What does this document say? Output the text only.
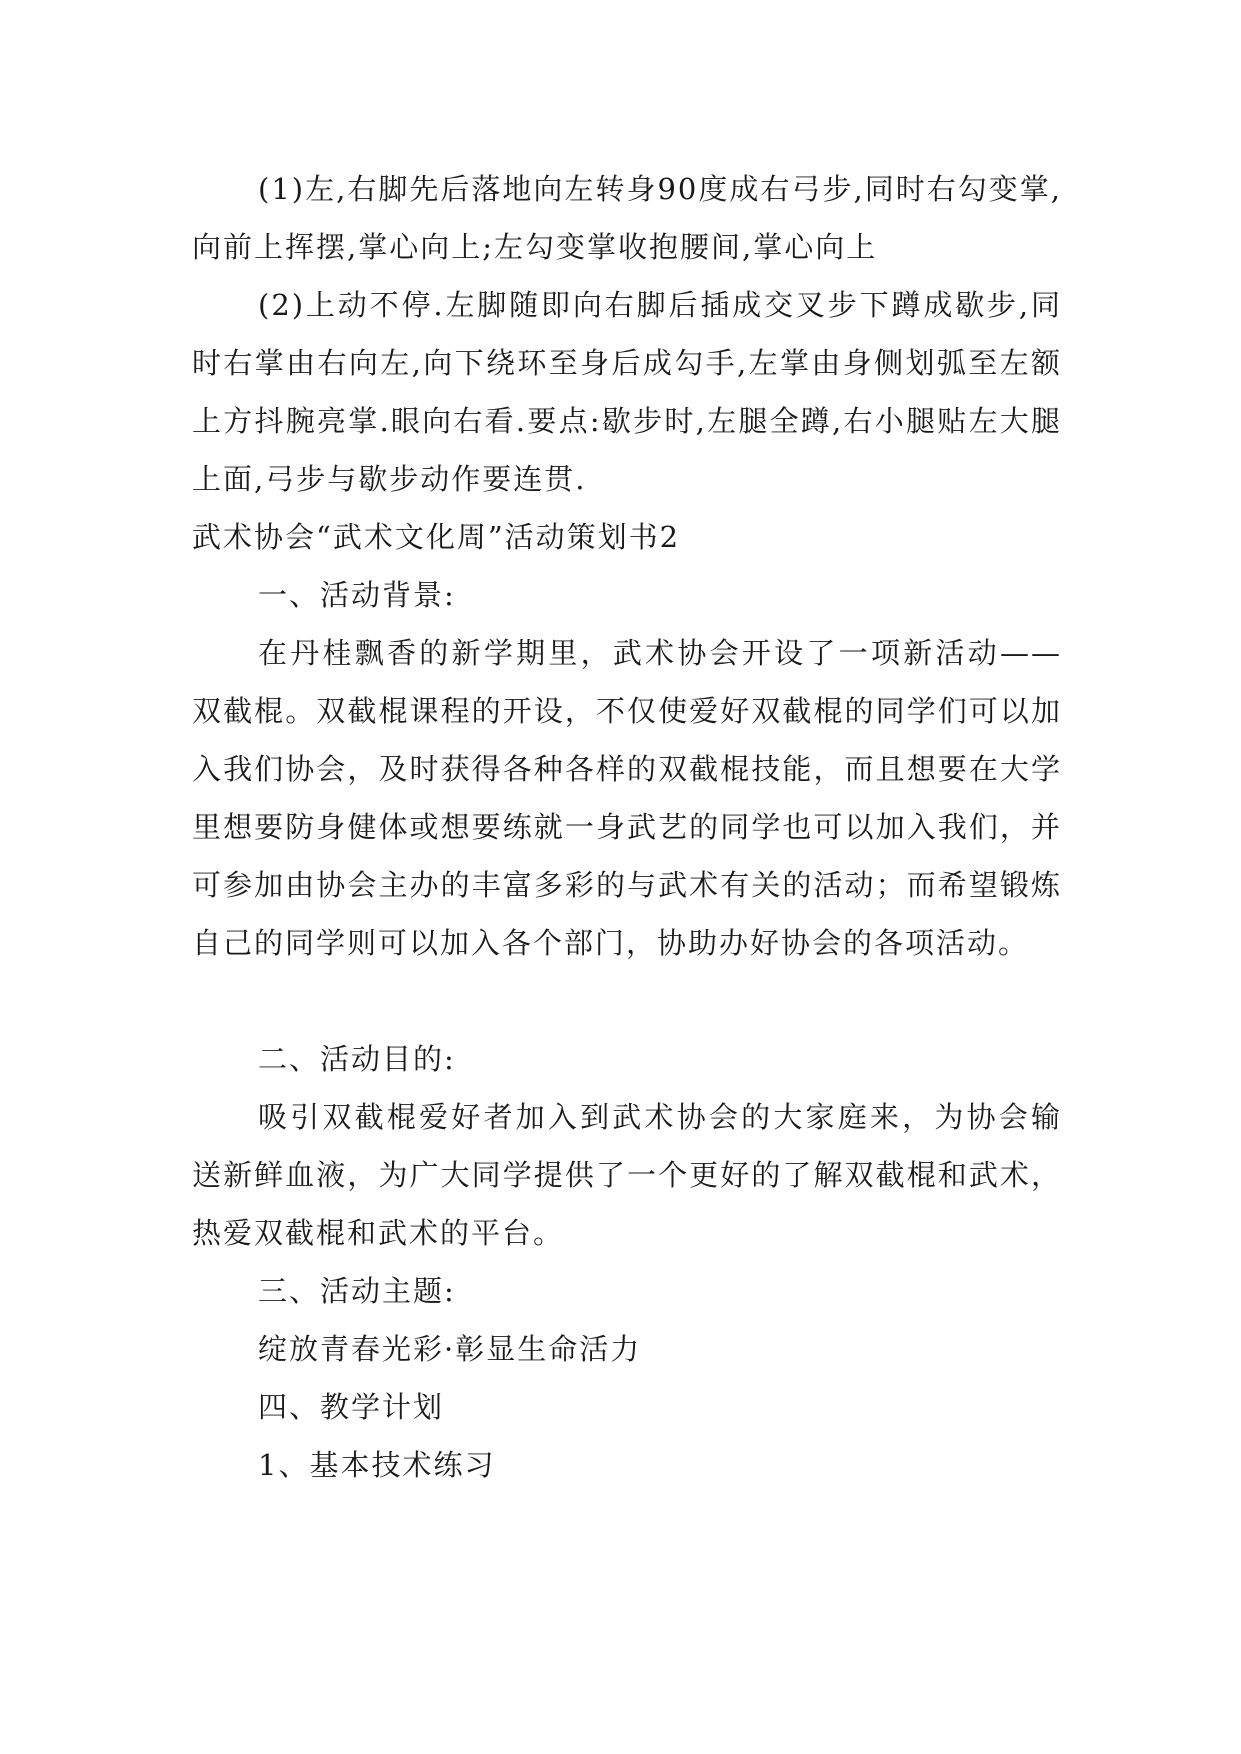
(1)左,右脚先后落地向左转身90度成右弓步,同时右勾变掌,向前上挥摆,掌心向上;左勾变掌收抱腰间,掌心向上

(2)上动不停.左脚随即向右脚后插成交叉步下蹲成歇步,同时右掌由右向左,向下绕环至身后成勾手,左掌由身侧划弧至左额上方抖腕亮掌.眼向右看.要点:歇步时,左腿全蹲,右小腿贴左大腿上面,弓步与歇步动作要连贯.

武术协会“武术文化周”活动策划书2

一、活动背景:

在丹桂飘香的新学期里，武术协会开设了一项新活动——双截棍。双截棍课程的开设，不仅使爱好双截棍的同学们可以加入我们协会，及时获得各种各样的双截棍技能，而且想要在大学里想要防身健体或想要练就一身武艺的同学也可以加入我们，并可参加由协会主办的丰富多彩的与武术有关的活动；而希望锻炼自己的同学则可以加入各个部门，协助办好协会的各项活动。

二、活动目的:

吸引双截棍爱好者加入到武术协会的大家庭来，为协会输送新鲜血液，为广大同学提供了一个更好的了解双截棍和武术，热爱双截棍和武术的平台。

三、活动主题:

绽放青春光彩·彰显生命活力

四、教学计划

1、基本技术练习
